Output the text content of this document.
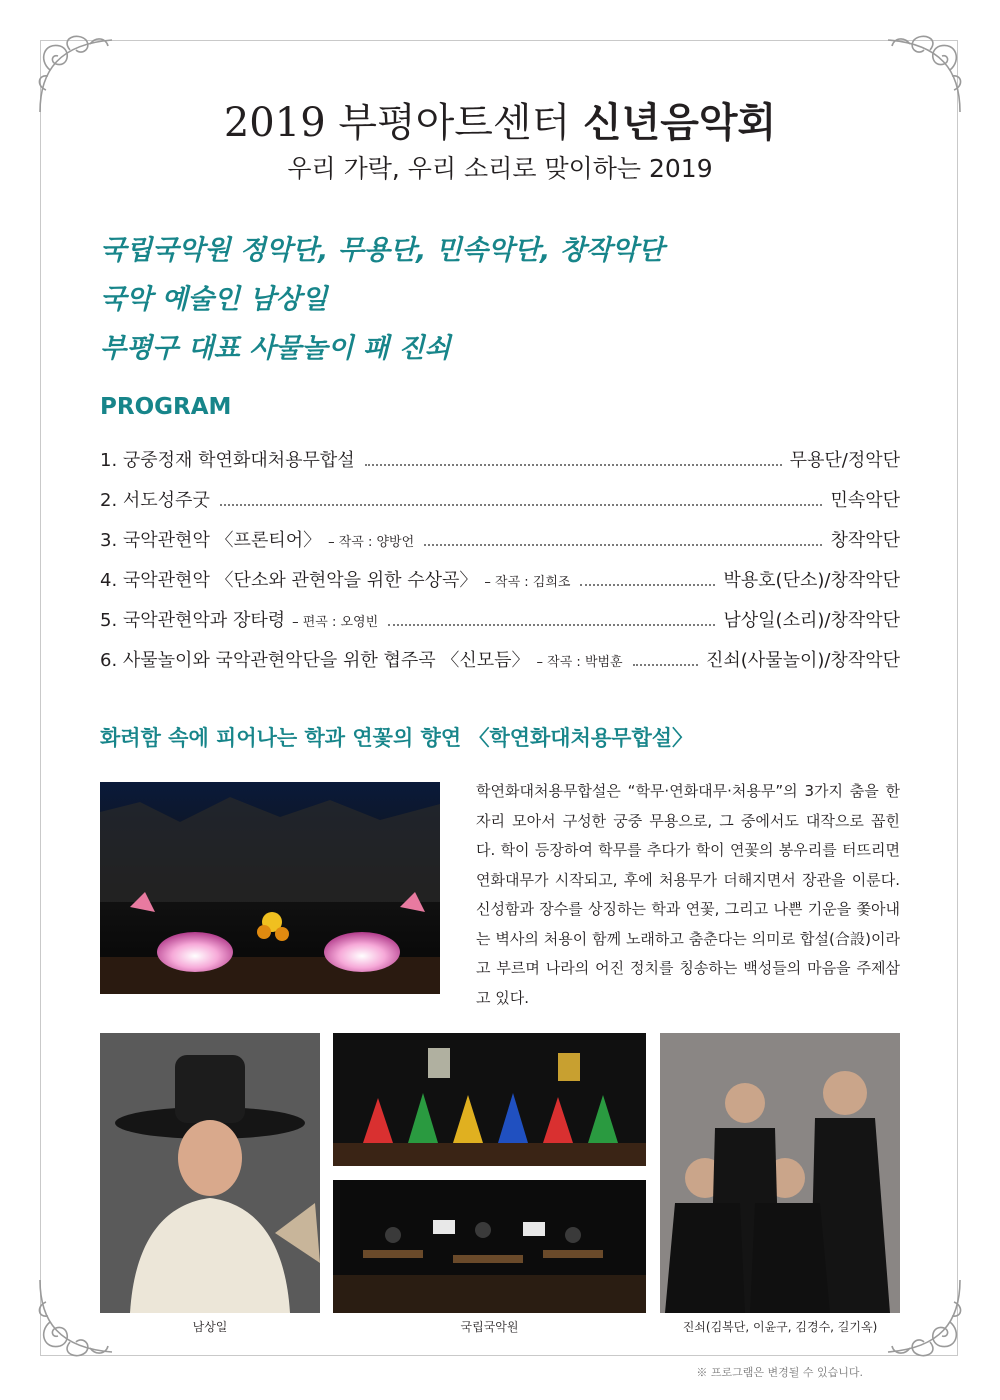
2019 부평아트센터 신년음악회
우리 가락, 우리 소리로 맞이하는 2019
국립국악원 정악단, 무용단, 민속악단, 창작악단
국악 예술인 남상일
부평구 대표 사물놀이 패 진쇠
PROGRAM
1. 궁중정재 학연화대처용무합설	무용단/정악단
2. 서도성주굿	민속악단
3. 국악관현악 〈프론티어〉 – 작곡 : 양방언	창작악단
4. 국악관현악 〈단소와 관현악을 위한 수상곡〉 – 작곡 : 김희조	박용호(단소)/창작악단
5. 국악관현악과 장타령 – 편곡 : 오영빈	남상일(소리)/창작악단
6. 사물놀이와 국악관현악단을 위한 협주곡 〈신모듬〉 – 작곡 : 박범훈	진쇠(사물놀이)/창작악단
화려함 속에 피어나는 학과 연꽃의 향연 〈학연화대처용무합설〉
학연화대처용무합설은 “학무·연화대무·처용무”의 3가지 춤을 한 자리 모아서 구성한 궁중 무용으로, 그 중에서도 대작으로 꼽힌다. 학이 등장하여 학무를 추다가 학이 연꽃의 봉우리를 터뜨리면 연화대무가 시작되고, 후에 처용무가 더해지면서 장관을 이룬다. 신성함과 장수를 상징하는 학과 연꽃, 그리고 나쁜 기운을 쫓아내는 벽사의 처용이 함께 노래하고 춤춘다는 의미로 합설(合設)이라고 부르며 나라의 어진 정치를 칭송하는 백성들의 마음을 주제삼고 있다.
남상일	국립국악원	진쇠(김복단, 이윤구, 김경수, 길기옥)
※ 프로그램은 변경될 수 있습니다.
